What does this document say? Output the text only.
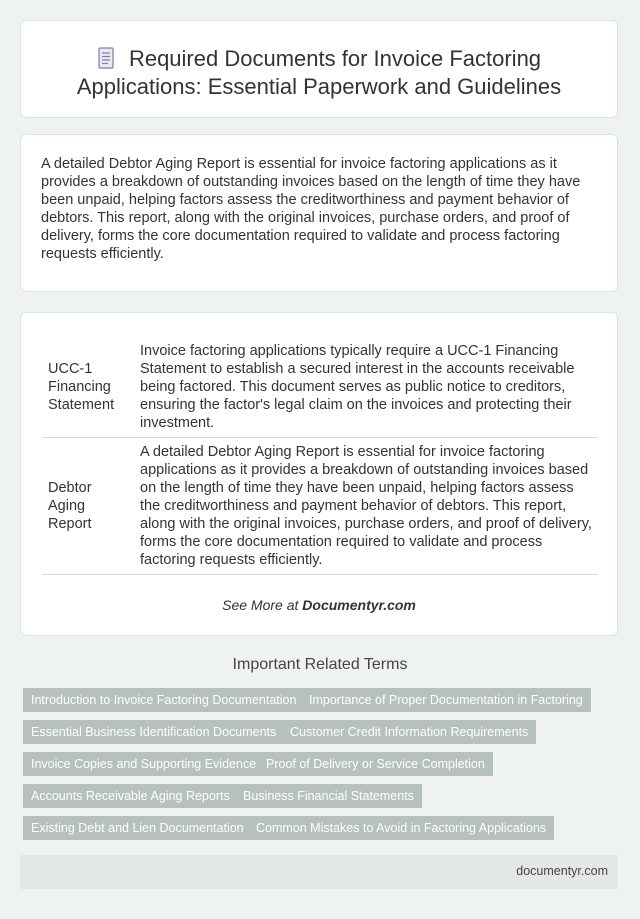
Required Documents for Invoice Factoring Applications: Essential Paperwork and Guidelines

A detailed Debtor Aging Report is essential for invoice factoring applications as it provides a breakdown of outstanding invoices based on the length of time they have been unpaid, helping factors assess the creditworthiness and payment behavior of debtors. This report, along with the original invoices, purchase orders, and proof of delivery, forms the core documentation required to validate and process factoring requests efficiently.

UCC-1 Financing Statement	Invoice factoring applications typically require a UCC-1 Financing Statement to establish a secured interest in the accounts receivable being factored. This document serves as public notice to creditors, ensuring the factor's legal claim on the invoices and protecting their investment.
Debtor Aging Report	A detailed Debtor Aging Report is essential for invoice factoring applications as it provides a breakdown of outstanding invoices based on the length of time they have been unpaid, helping factors assess the creditworthiness and payment behavior of debtors. This report, along with the original invoices, purchase orders, and proof of delivery, forms the core documentation required to validate and process factoring requests efficiently.
See More at Documentyr.com
Important Related Terms
Introduction to Invoice Factoring Documentation	Importance of Proper Documentation in Factoring
Essential Business Identification Documents	Customer Credit Information Requirements
Invoice Copies and Supporting Evidence Proof of Delivery or Service Completion
Accounts Receivable Aging Reports	Business Financial Statements
Existing Debt and Lien Documentation Common Mistakes to Avoid in Factoring Applications
documentyr.com
